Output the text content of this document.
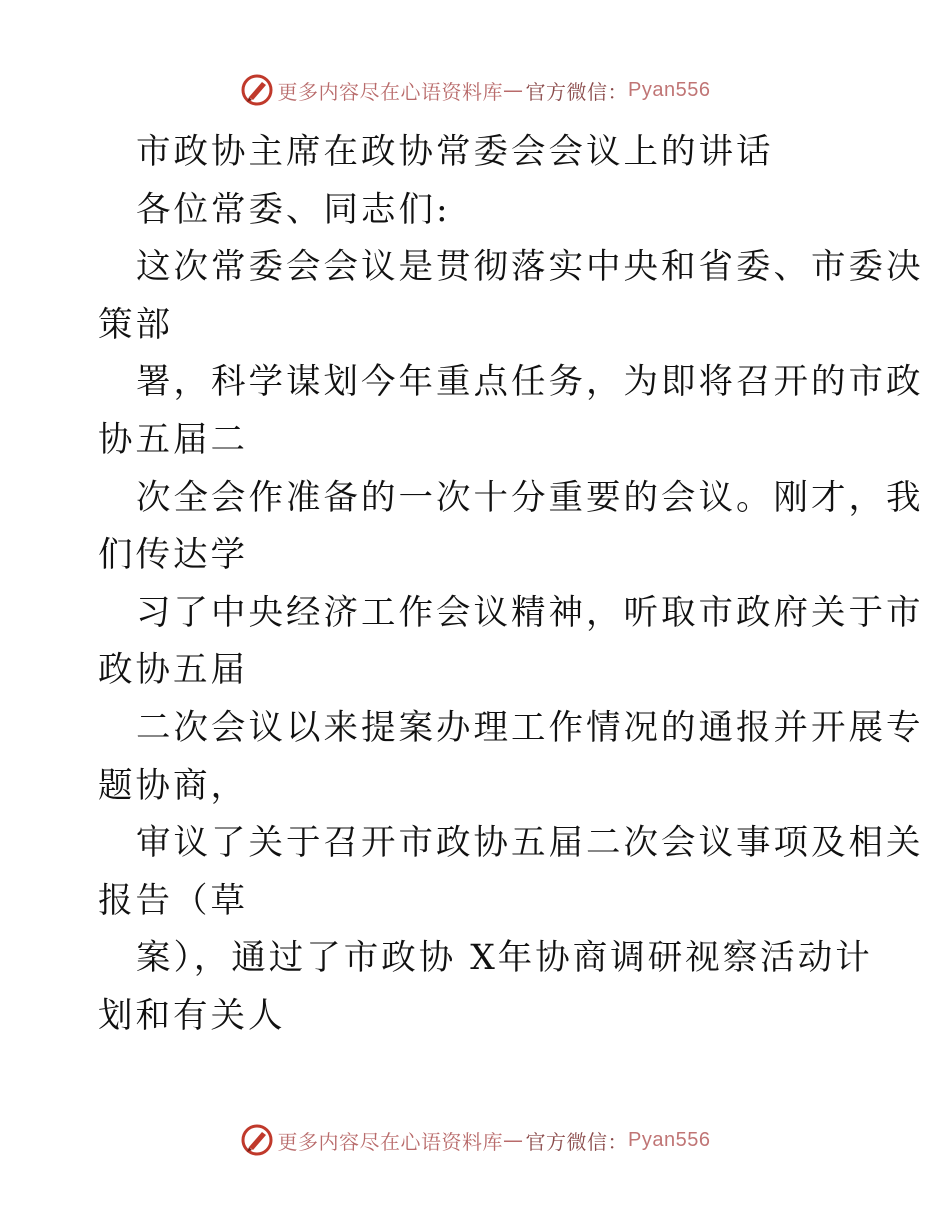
更多内容尽在心语资料库 — 官方微信： Pyan556
市政协主席在政协常委会会议上的讲话
各位常委、同志们:
这次常委会会议是贯彻落实中央和省委、市委决
策部
署，科学谋划今年重点任务，为即将召开的市政
协五届二
次全会作准备的一次十分重要的会议。刚才，我
们传达学
习了中央经济工作会议精神，听取市政府关于市
政协五届
二次会议以来提案办理工作情况的通报并开展专
题协商，
审议了关于召开市政协五届二次会议事项及相关
报告（草
案），通过了市政协 X年协商调研视察活动计
划和有关人
更多内容尽在心语资料库 — 官方微信： Pyan556
